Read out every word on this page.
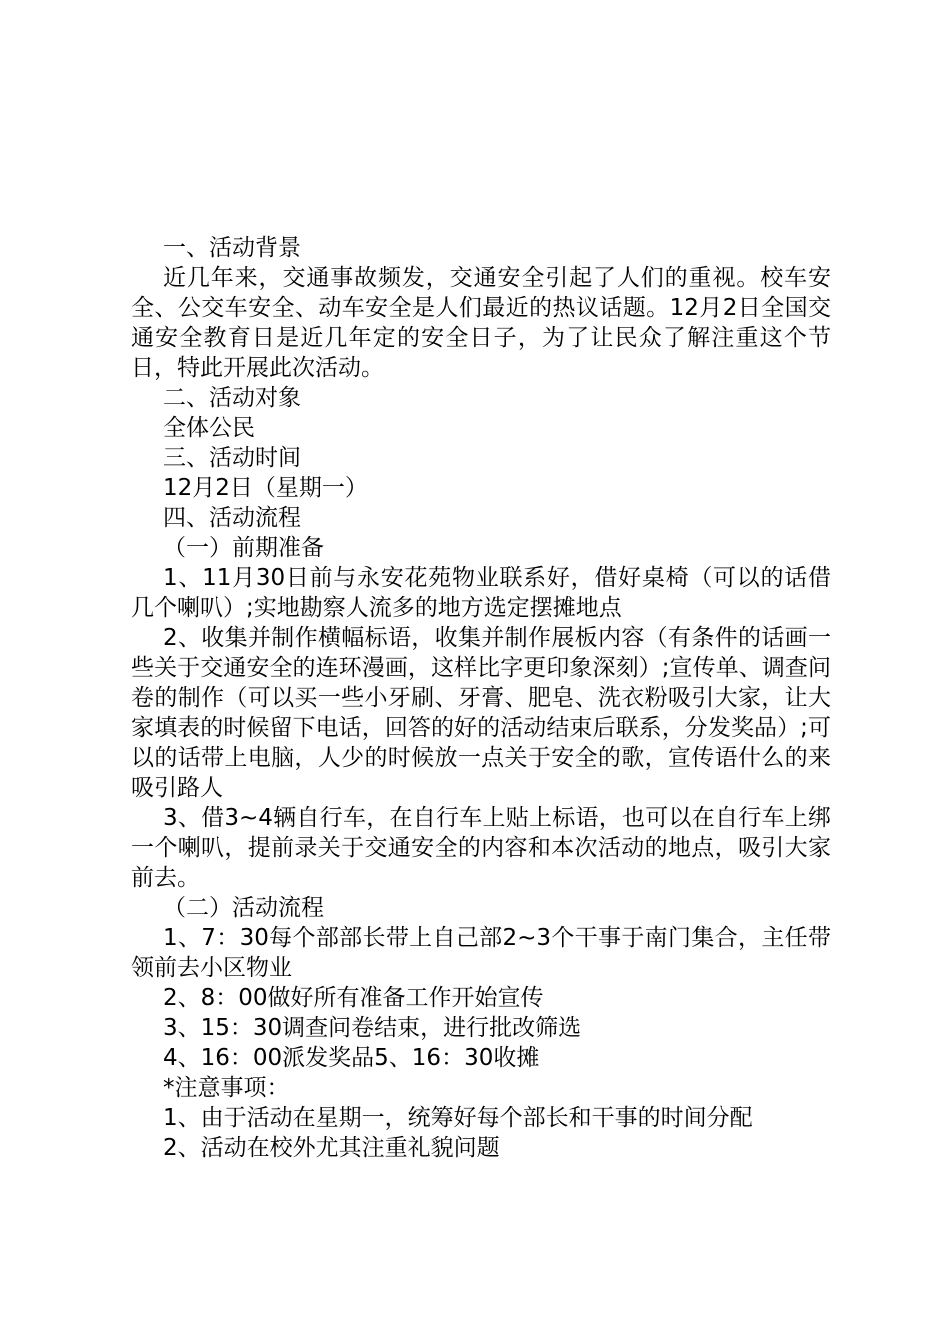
一、活动背景

近几年来，交通事故频发，交通安全引起了人们的重视。校车安全、公交车安全、动车安全是人们最近的热议话题。12月2日全国交通安全教育日是近几年定的安全日子，为了让民众了解注重这个节日，特此开展此次活动。

二、活动对象

全体公民

三、活动时间

12月2日（星期一）

四、活动流程

（一）前期准备

1、11月30日前与永安花苑物业联系好，借好桌椅（可以的话借几个喇叭）;实地勘察人流多的地方选定摆摊地点

2、收集并制作横幅标语，收集并制作展板内容（有条件的话画一些关于交通安全的连环漫画，这样比字更印象深刻）;宣传单、调查问卷的制作（可以买一些小牙刷、牙膏、肥皂、洗衣粉吸引大家，让大家填表的时候留下电话，回答的好的活动结束后联系，分发奖品）;可以的话带上电脑，人少的时候放一点关于安全的歌，宣传语什么的来吸引路人

3、借3~4辆自行车，在自行车上贴上标语，也可以在自行车上绑一个喇叭，提前录关于交通安全的内容和本次活动的地点，吸引大家前去。

（二）活动流程

1、7：30每个部部长带上自己部2~3个干事于南门集合，主任带领前去小区物业

2、8：00做好所有准备工作开始宣传

3、15：30调查问卷结束，进行批改筛选

4、16：00派发奖品5、16：30收摊

*注意事项：

1、由于活动在星期一，统筹好每个部长和干事的时间分配

2、活动在校外尤其注重礼貌问题
